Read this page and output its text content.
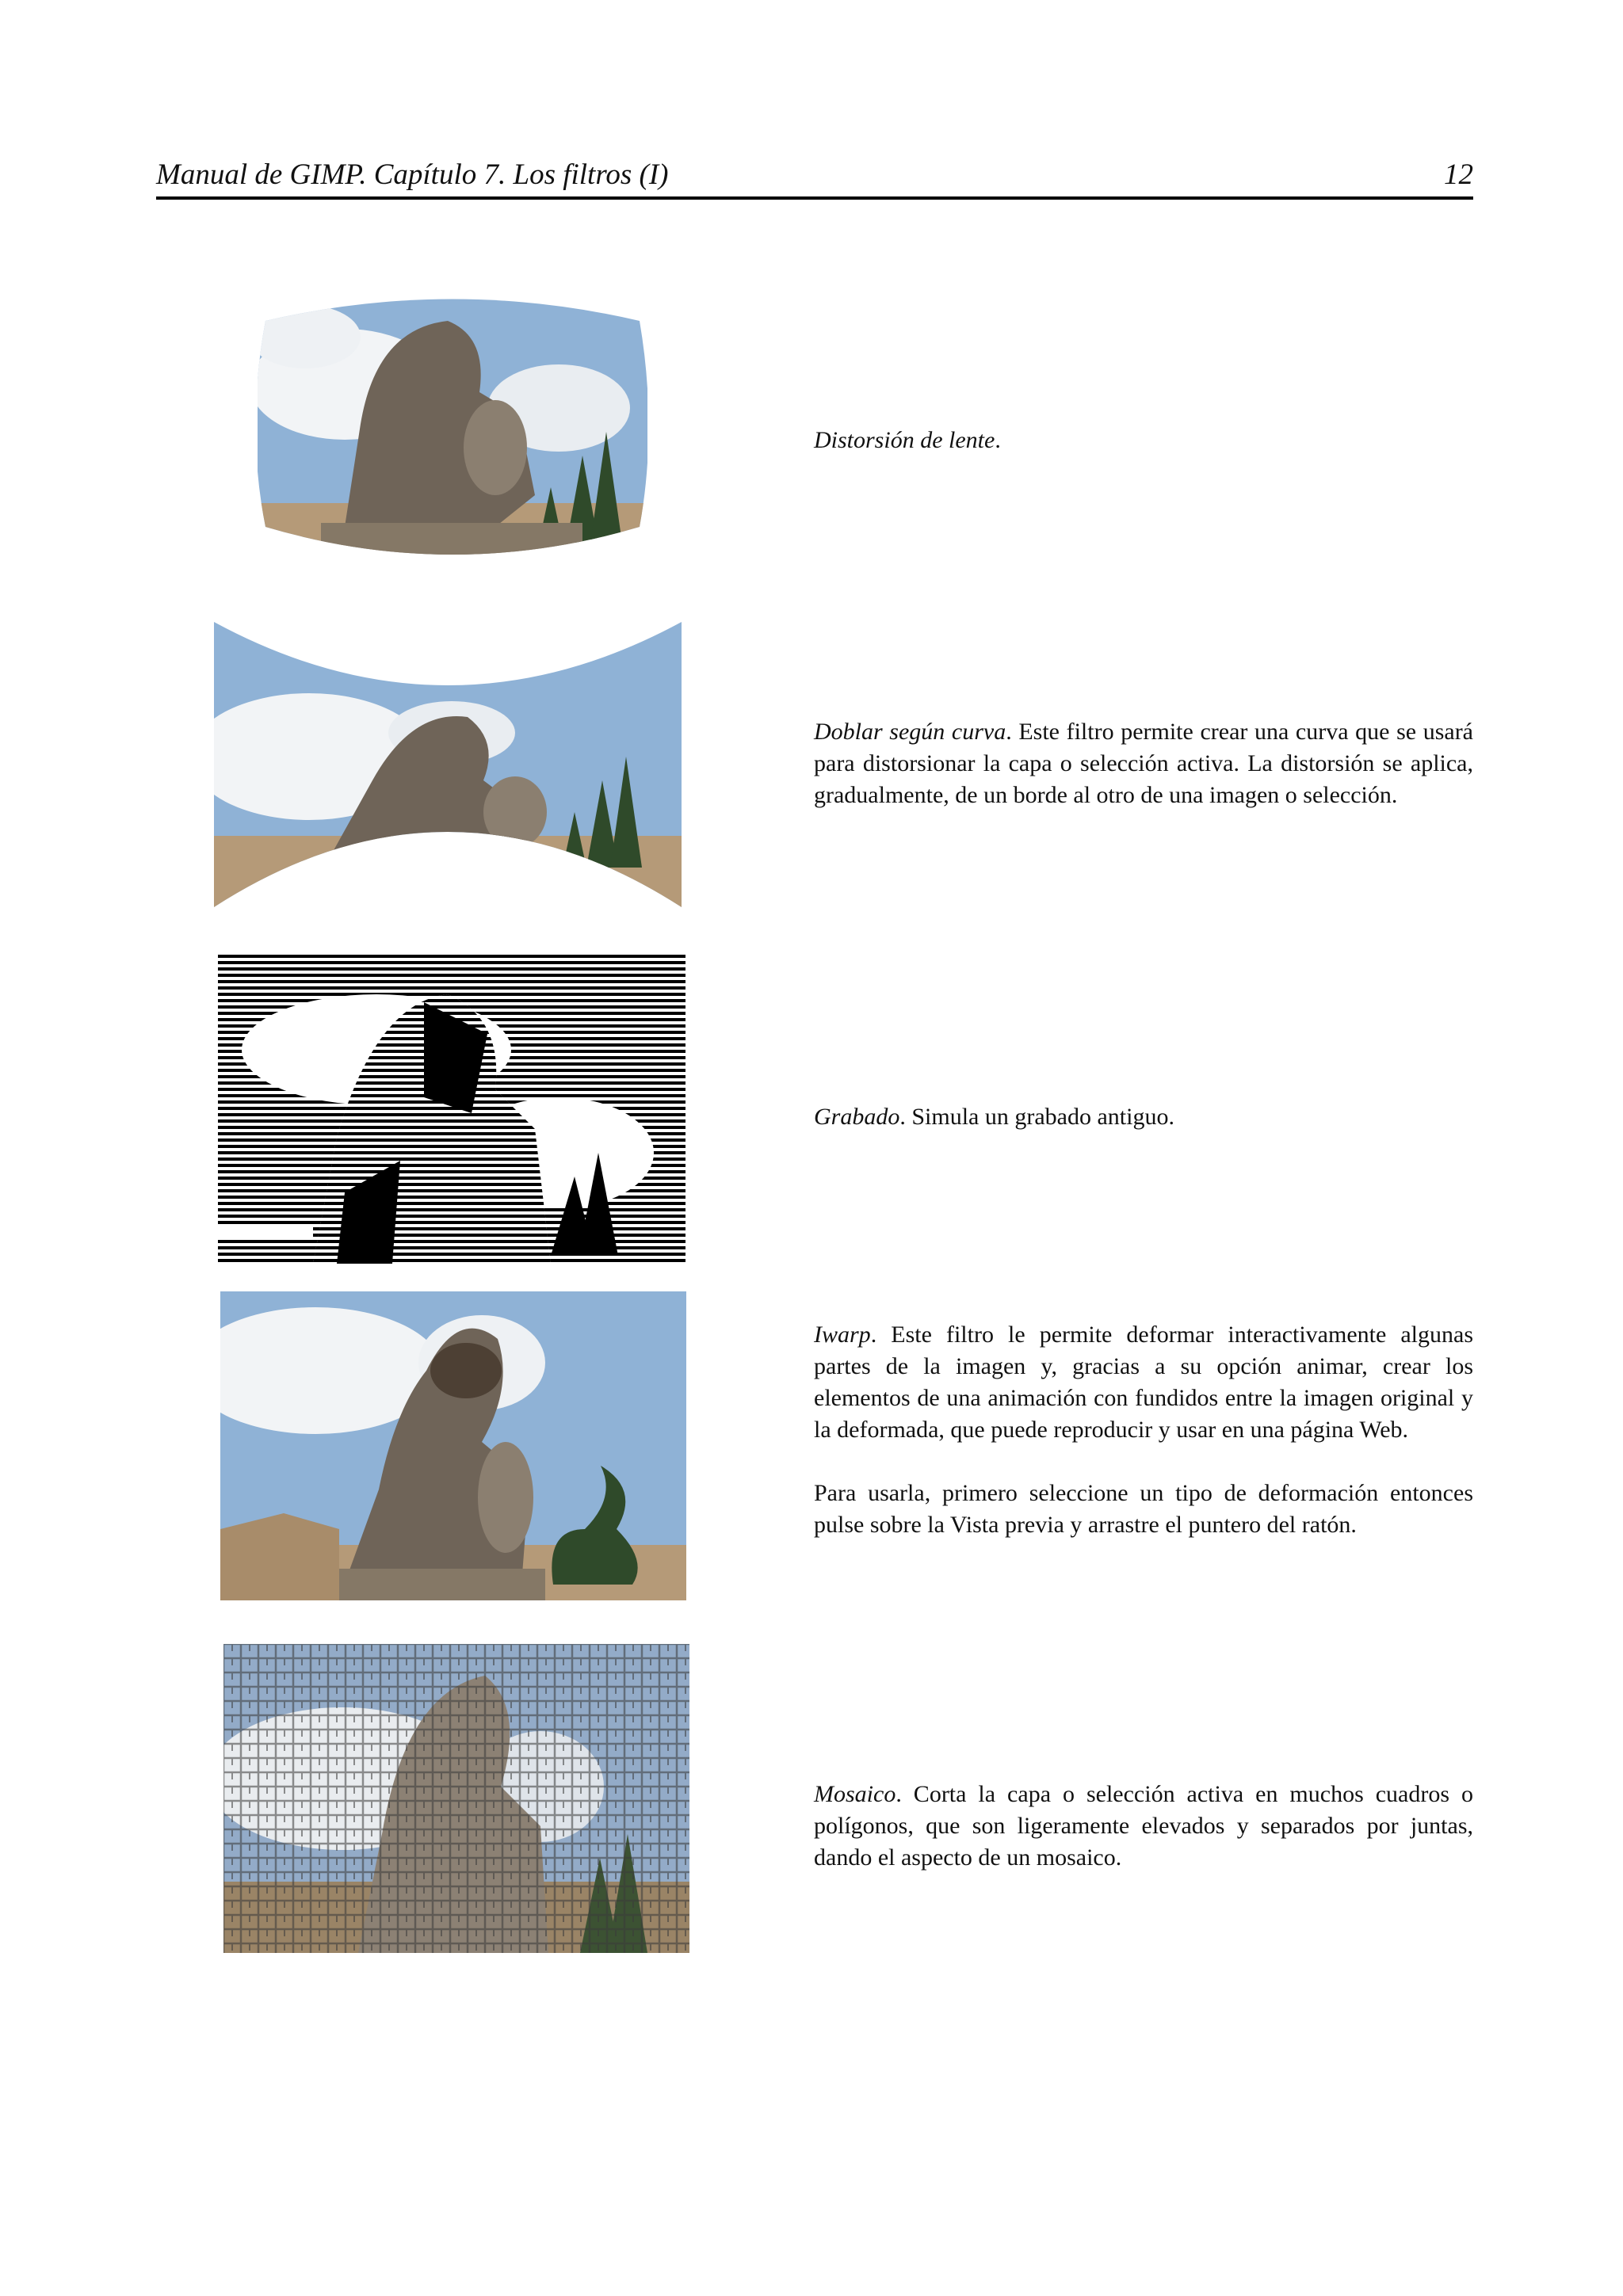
Manual de GIMP. Capítulo 7. Los filtros (I)	12

Distorsión de lente.

Doblar según curva. Este filtro permite crear una curva que se usará para distorsionar la capa o selección activa. La distorsión se aplica, gradualmente, de un borde al otro de una imagen o selección.

Grabado. Simula un grabado antiguo.

Iwarp. Este filtro le permite deformar interactivamente algunas partes de la imagen y, gracias a su opción animar, crear los elementos de una animación con fundidos entre la imagen original y la deformada, que puede reproducir y usar en una página Web.

Para usarla, primero seleccione un tipo de deformación entonces pulse sobre la Vista previa y arrastre el puntero del ratón.

Mosaico. Corta la capa o selección activa en muchos cuadros o polígonos, que son ligeramente elevados y separados por juntas, dando el aspecto de un mosaico.
